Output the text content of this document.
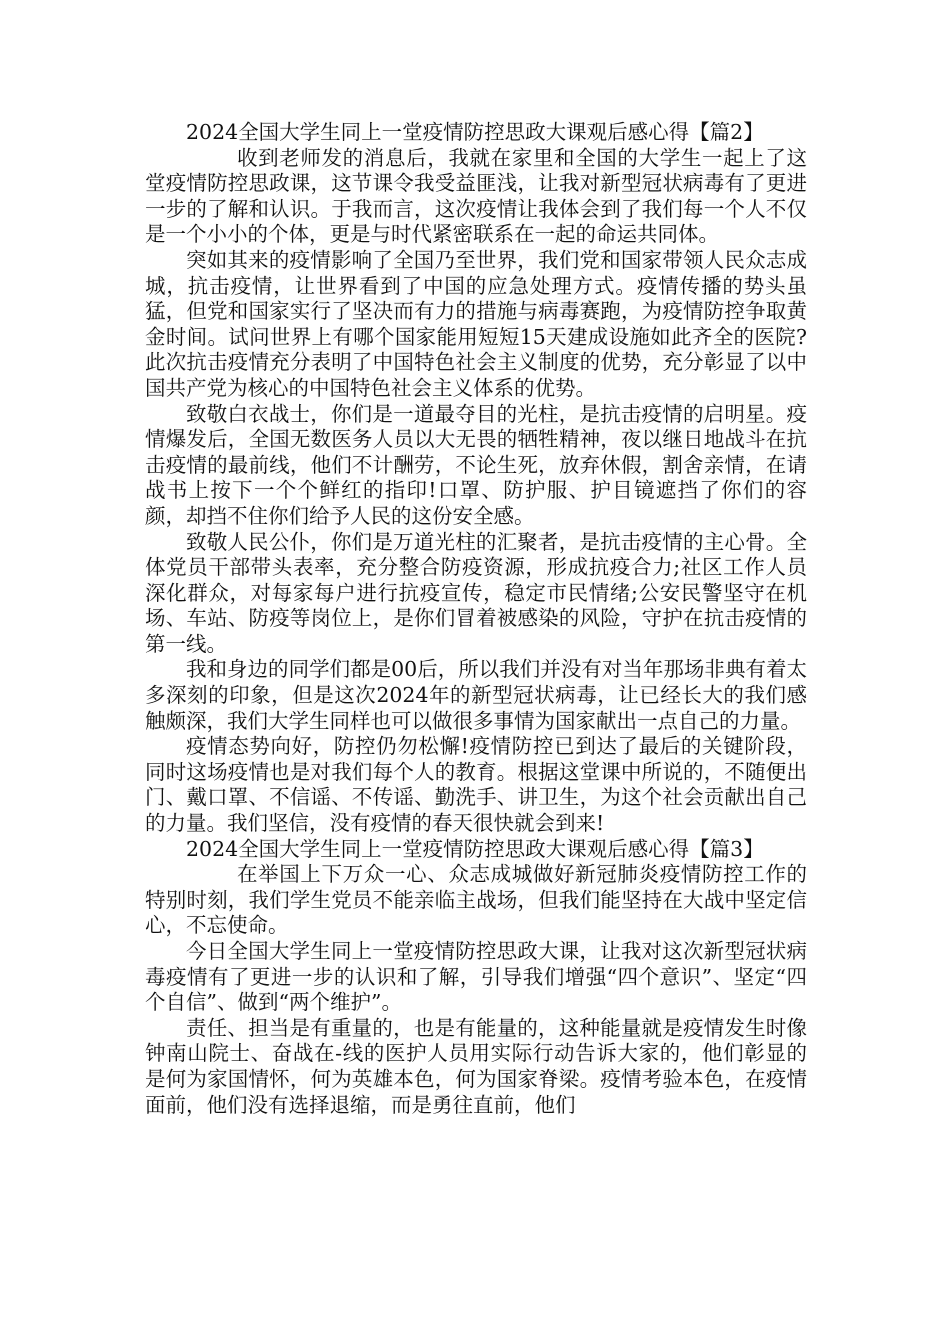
2024全国大学生同上一堂疫情防控思政大课观后感心得【篇2】

收到老师发的消息后，我就在家里和全国的大学生一起上了这堂疫情防控思政课，这节课令我受益匪浅，让我对新型冠状病毒有了更进一步的了解和认识。于我而言，这次疫情让我体会到了我们每一个人不仅是一个小小的个体，更是与时代紧密联系在一起的命运共同体。

突如其来的疫情影响了全国乃至世界，我们党和国家带领人民众志成城，抗击疫情，让世界看到了中国的应急处理方式。疫情传播的势头虽猛，但党和国家实行了坚决而有力的措施与病毒赛跑，为疫情防控争取黄金时间。试问世界上有哪个国家能用短短15天建成设施如此齐全的医院?此次抗击疫情充分表明了中国特色社会主义制度的优势，充分彰显了以中国共产党为核心的中国特色社会主义体系的优势。

致敬白衣战士，你们是一道最夺目的光柱，是抗击疫情的启明星。疫情爆发后，全国无数医务人员以大无畏的牺牲精神，夜以继日地战斗在抗击疫情的最前线，他们不计酬劳，不论生死，放弃休假，割舍亲情，在请战书上按下一个个鲜红的指印!口罩、防护服、护目镜遮挡了你们的容颜，却挡不住你们给予人民的这份安全感。

致敬人民公仆，你们是万道光柱的汇聚者，是抗击疫情的主心骨。全体党员干部带头表率，充分整合防疫资源，形成抗疫合力;社区工作人员深化群众，对每家每户进行抗疫宣传，稳定市民情绪;公安民警坚守在机场、车站、防疫等岗位上，是你们冒着被感染的风险，守护在抗击疫情的第一线。

我和身边的同学们都是00后，所以我们并没有对当年那场非典有着太多深刻的印象，但是这次2024年的新型冠状病毒，让已经长大的我们感触颇深，我们大学生同样也可以做很多事情为国家献出一点自己的力量。

疫情态势向好，防控仍勿松懈!疫情防控已到达了最后的关键阶段，同时这场疫情也是对我们每个人的教育。根据这堂课中所说的，不随便出门、戴口罩、不信谣、不传谣、勤洗手、讲卫生，为这个社会贡献出自己的力量。我们坚信，没有疫情的春天很快就会到来!

2024全国大学生同上一堂疫情防控思政大课观后感心得【篇3】

在举国上下万众一心、众志成城做好新冠肺炎疫情防控工作的特别时刻，我们学生党员不能亲临主战场，但我们能坚持在大战中坚定信心，不忘使命。

今日全国大学生同上一堂疫情防控思政大课，让我对这次新型冠状病毒疫情有了更进一步的认识和了解，引导我们增强“四个意识”、坚定“四个自信”、做到“两个维护”。

责任、担当是有重量的，也是有能量的，这种能量就是疫情发生时像钟南山院士、奋战在-线的医护人员用实际行动告诉大家的，他们彰显的是何为家国情怀，何为英雄本色，何为国家脊梁。疫情考验本色，在疫情面前，他们没有选择退缩，而是勇往直前，他们
